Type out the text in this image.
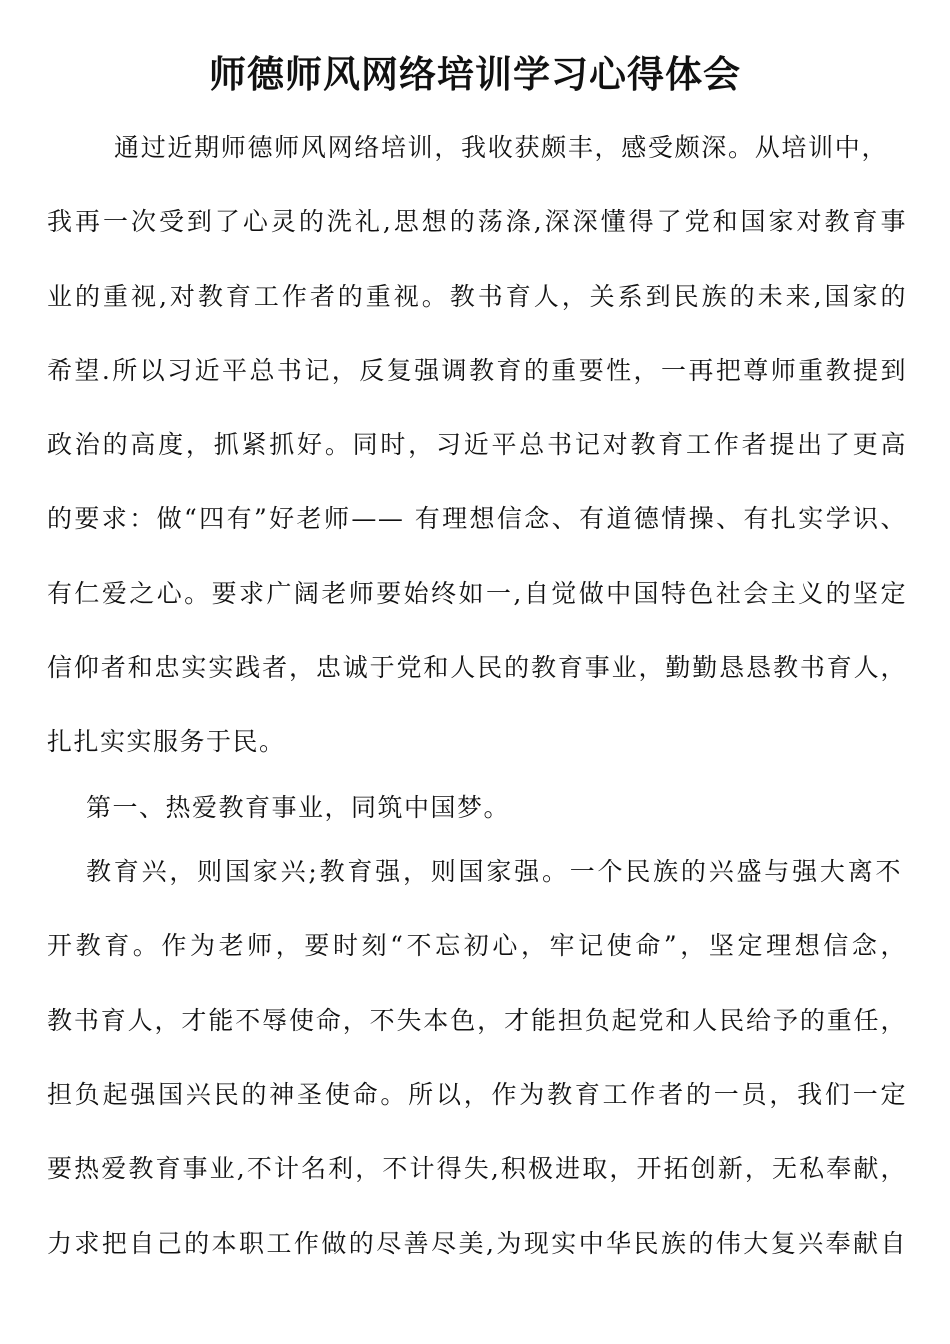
师德师风网络培训学习心得体会
通过近期师德师风网络培训，我收获颇丰，感受颇深。从培训中，
我再一次受到了心灵的洗礼,思想的荡涤,深深懂得了党和国家对教育事
业的重视,对教育工作者的重视。教书育人，关系到民族的未来,国家的
希望.所以习近平总书记，反复强调教育的重要性，一再把尊师重教提到
政治的高度，抓紧抓好。同时，习近平总书记对教育工作者提出了更高
的要求：做“四有”好老师—— 有理想信念、有道德情操、有扎实学识、
有仁爱之心。要求广阔老师要始终如一,自觉做中国特色社会主义的坚定
信仰者和忠实实践者，忠诚于党和人民的教育事业，勤勤恳恳教书育人，
扎扎实实服务于民。
第一、热爱教育事业，同筑中国梦。
教育兴，则国家兴;教育强，则国家强。一个民族的兴盛与强大离不
开教育。作为老师，要时刻“不忘初心，牢记使命”，坚定理想信念，
教书育人，才能不辱使命，不失本色，才能担负起党和人民给予的重任，
担负起强国兴民的神圣使命。所以，作为教育工作者的一员，我们一定
要热爱教育事业,不计名利，不计得失,积极进取，开拓创新，无私奉献，
力求把自己的本职工作做的尽善尽美,为现实中华民族的伟大复兴奉献自
